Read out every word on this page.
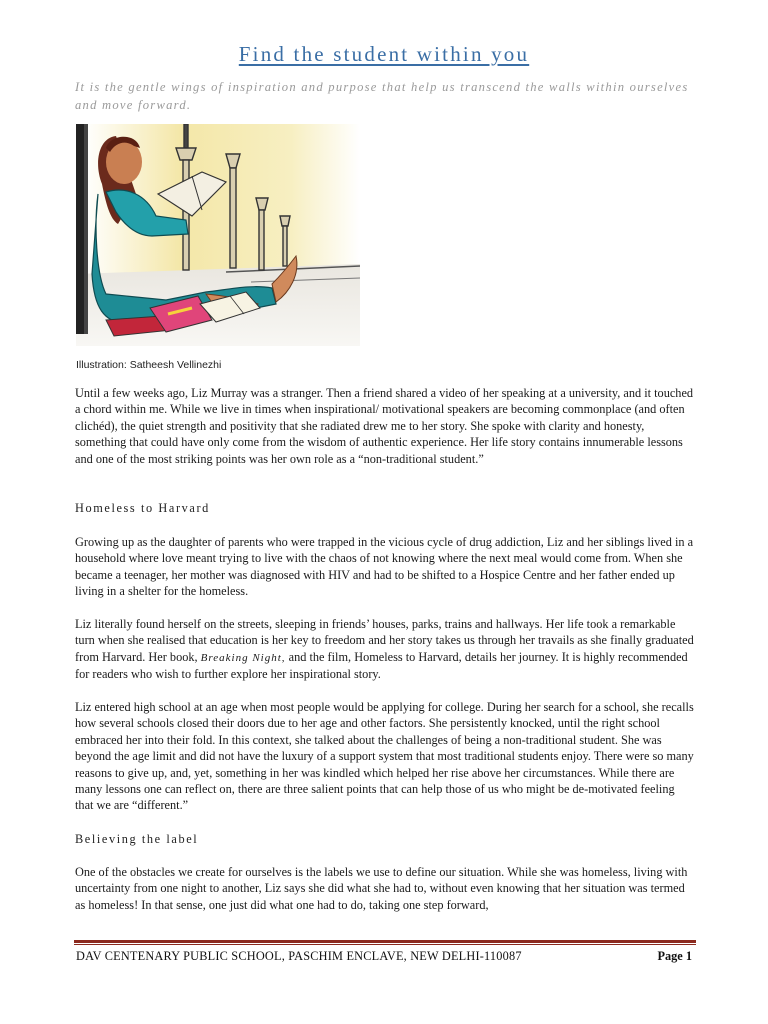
Find the student within you
It is the gentle wings of inspiration and purpose that help us transcend the walls within ourselves and move forward.
Illustration: Satheesh Vellinezhi

Until a few weeks ago, Liz Murray was a stranger. Then a friend shared a video of her speaking at a university, and it touched a chord within me. While we live in times when inspirational/ motivational speakers are becoming commonplace (and often clichéd), the quiet strength and positivity that she radiated drew me to her story. She spoke with clarity and honesty, something that could have only come from the wisdom of authentic experience. Her life story contains innumerable lessons and one of the most striking points was her own role as a “non-traditional student.”

Homeless to Harvard

Growing up as the daughter of parents who were trapped in the vicious cycle of drug addiction, Liz and her siblings lived in a household where love meant trying to live with the chaos of not knowing where the next meal would come from. When she became a teenager, her mother was diagnosed with HIV and had to be shifted to a Hospice Centre and her father ended up living in a shelter for the homeless.

Liz literally found herself on the streets, sleeping in friends’ houses, parks, trains and hallways. Her life took a remarkable turn when she realised that education is her key to freedom and her story takes us through her travails as she finally graduated from Harvard. Her book, Breaking Night, and the film, Homeless to Harvard, details her journey. It is highly recommended for readers who wish to further explore her inspirational story.

Liz entered high school at an age when most people would be applying for college. During her search for a school, she recalls how several schools closed their doors due to her age and other factors. She persistently knocked, until the right school embraced her into their fold. In this context, she talked about the challenges of being a non-traditional student. She was beyond the age limit and did not have the luxury of a support system that most traditional students enjoy. There were so many reasons to give up, and, yet, something in her was kindled which helped her rise above her circumstances. While there are many lessons one can reflect on, there are three salient points that can help those of us who might be de-motivated feeling that we are “different.”

Believing the label

One of the obstacles we create for ourselves is the labels we use to define our situation. While she was homeless, living with uncertainty from one night to another, Liz says she did what she had to, without even knowing that her situation was termed as homeless! In that sense, one just did what one had to do, taking one step forward,

DAV CENTENARY PUBLIC SCHOOL, PASCHIM ENCLAVE, NEW DELHI-110087	Page 1
